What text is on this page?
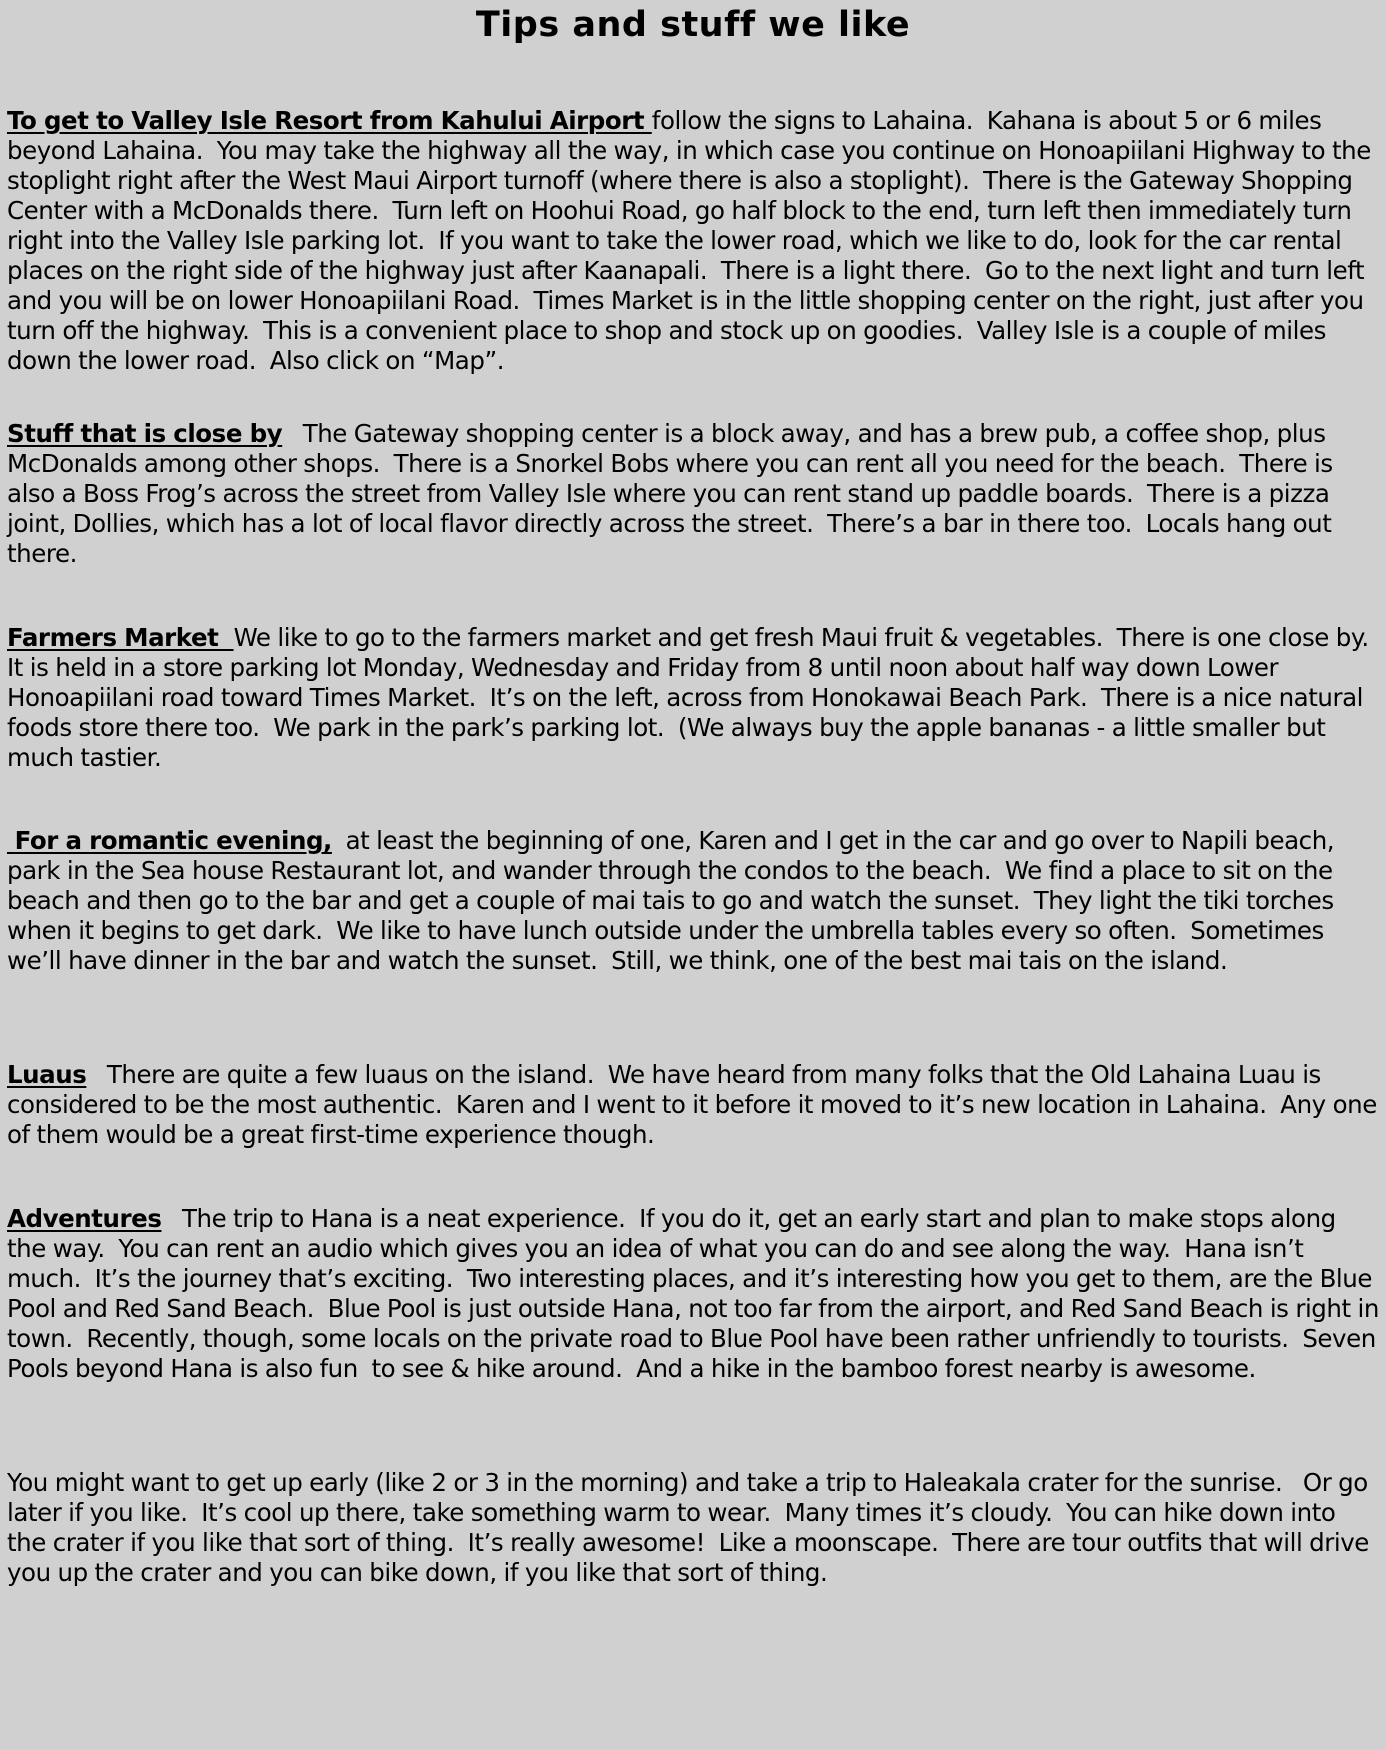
Tips and stuff we like

To get to Valley Isle Resort from Kahului Airport follow the signs to Lahaina.  Kahana is about 5 or 6 miles beyond Lahaina.  You may take the highway all the way, in which case you continue on Honoapiilani Highway to the stoplight right after the West Maui Airport turnoff (where there is also a stoplight).  There is the Gateway Shopping Center with a McDonalds there.  Turn left on Hoohui Road, go half block to the end, turn left then immediately turn right into the Valley Isle parking lot.  If you want to take the lower road, which we like to do, look for the car rental places on the right side of the highway just after Kaanapali.  There is a light there.  Go to the next light and turn left and you will be on lower Honoapiilani Road.  Times Market is in the little shopping center on the right, just after you turn off the highway.  This is a convenient place to shop and stock up on goodies.  Valley Isle is a couple of miles down the lower road.  Also click on “Map”.

Stuff that is close by The Gateway shopping center is a block away, and has a brew pub, a coffee shop, plus McDonalds among other shops.  There is a Snorkel Bobs where you can rent all you need for the beach.  There is also a Boss Frog’s across the street from Valley Isle where you can rent stand up paddle boards.  There is a pizza joint, Dollies, which has a lot of local flavor directly across the street.  There’s a bar in there too.  Locals hang out there.

Farmers Market  We like to go to the farmers market and get fresh Maui fruit & vegetables.  There is one close by.  It is held in a store parking lot Monday, Wednesday and Friday from 8 until noon about half way down Lower Honoapiilani road toward Times Market.  It’s on the left, across from Honokawai Beach Park.  There is a nice natural foods store there too.  We park in the park’s parking lot.  (We always buy the apple bananas - a little smaller but much tastier.

For a romantic evening, at least the beginning of one, Karen and I get in the car and go over to Napili beach, park in the Sea house Restaurant lot, and wander through the condos to the beach.  We find a place to sit on the beach and then go to the bar and get a couple of mai tais to go and watch the sunset.  They light the tiki torches when it begins to get dark.  We like to have lunch outside under the umbrella tables every so often.  Sometimes we’ll have dinner in the bar and watch the sunset.  Still, we think, one of the best mai tais on the island.

Luaus There are quite a few luaus on the island.  We have heard from many folks that the Old Lahaina Luau is considered to be the most authentic.  Karen and I went to it before it moved to it’s new location in Lahaina.  Any one of them would be a great first-time experience though.

Adventures The trip to Hana is a neat experience.  If you do it, get an early start and plan to make stops along the way.  You can rent an audio which gives you an idea of what you can do and see along the way.  Hana isn’t much.  It’s the journey that’s exciting.  Two interesting places, and it’s interesting how you get to them, are the Blue Pool and Red Sand Beach.  Blue Pool is just outside Hana, not too far from the airport, and Red Sand Beach is right in town.  Recently, though, some locals on the private road to Blue Pool have been rather unfriendly to tourists.  Seven Pools beyond Hana is also fun  to see & hike around.  And a hike in the bamboo forest nearby is awesome.

You might want to get up early (like 2 or 3 in the morning) and take a trip to Haleakala crater for the sunrise.   Or go later if you like.  It’s cool up there, take something warm to wear.  Many times it’s cloudy.  You can hike down into the crater if you like that sort of thing.  It’s really awesome!  Like a moonscape.  There are tour outfits that will drive you up the crater and you can bike down, if you like that sort of thing.
